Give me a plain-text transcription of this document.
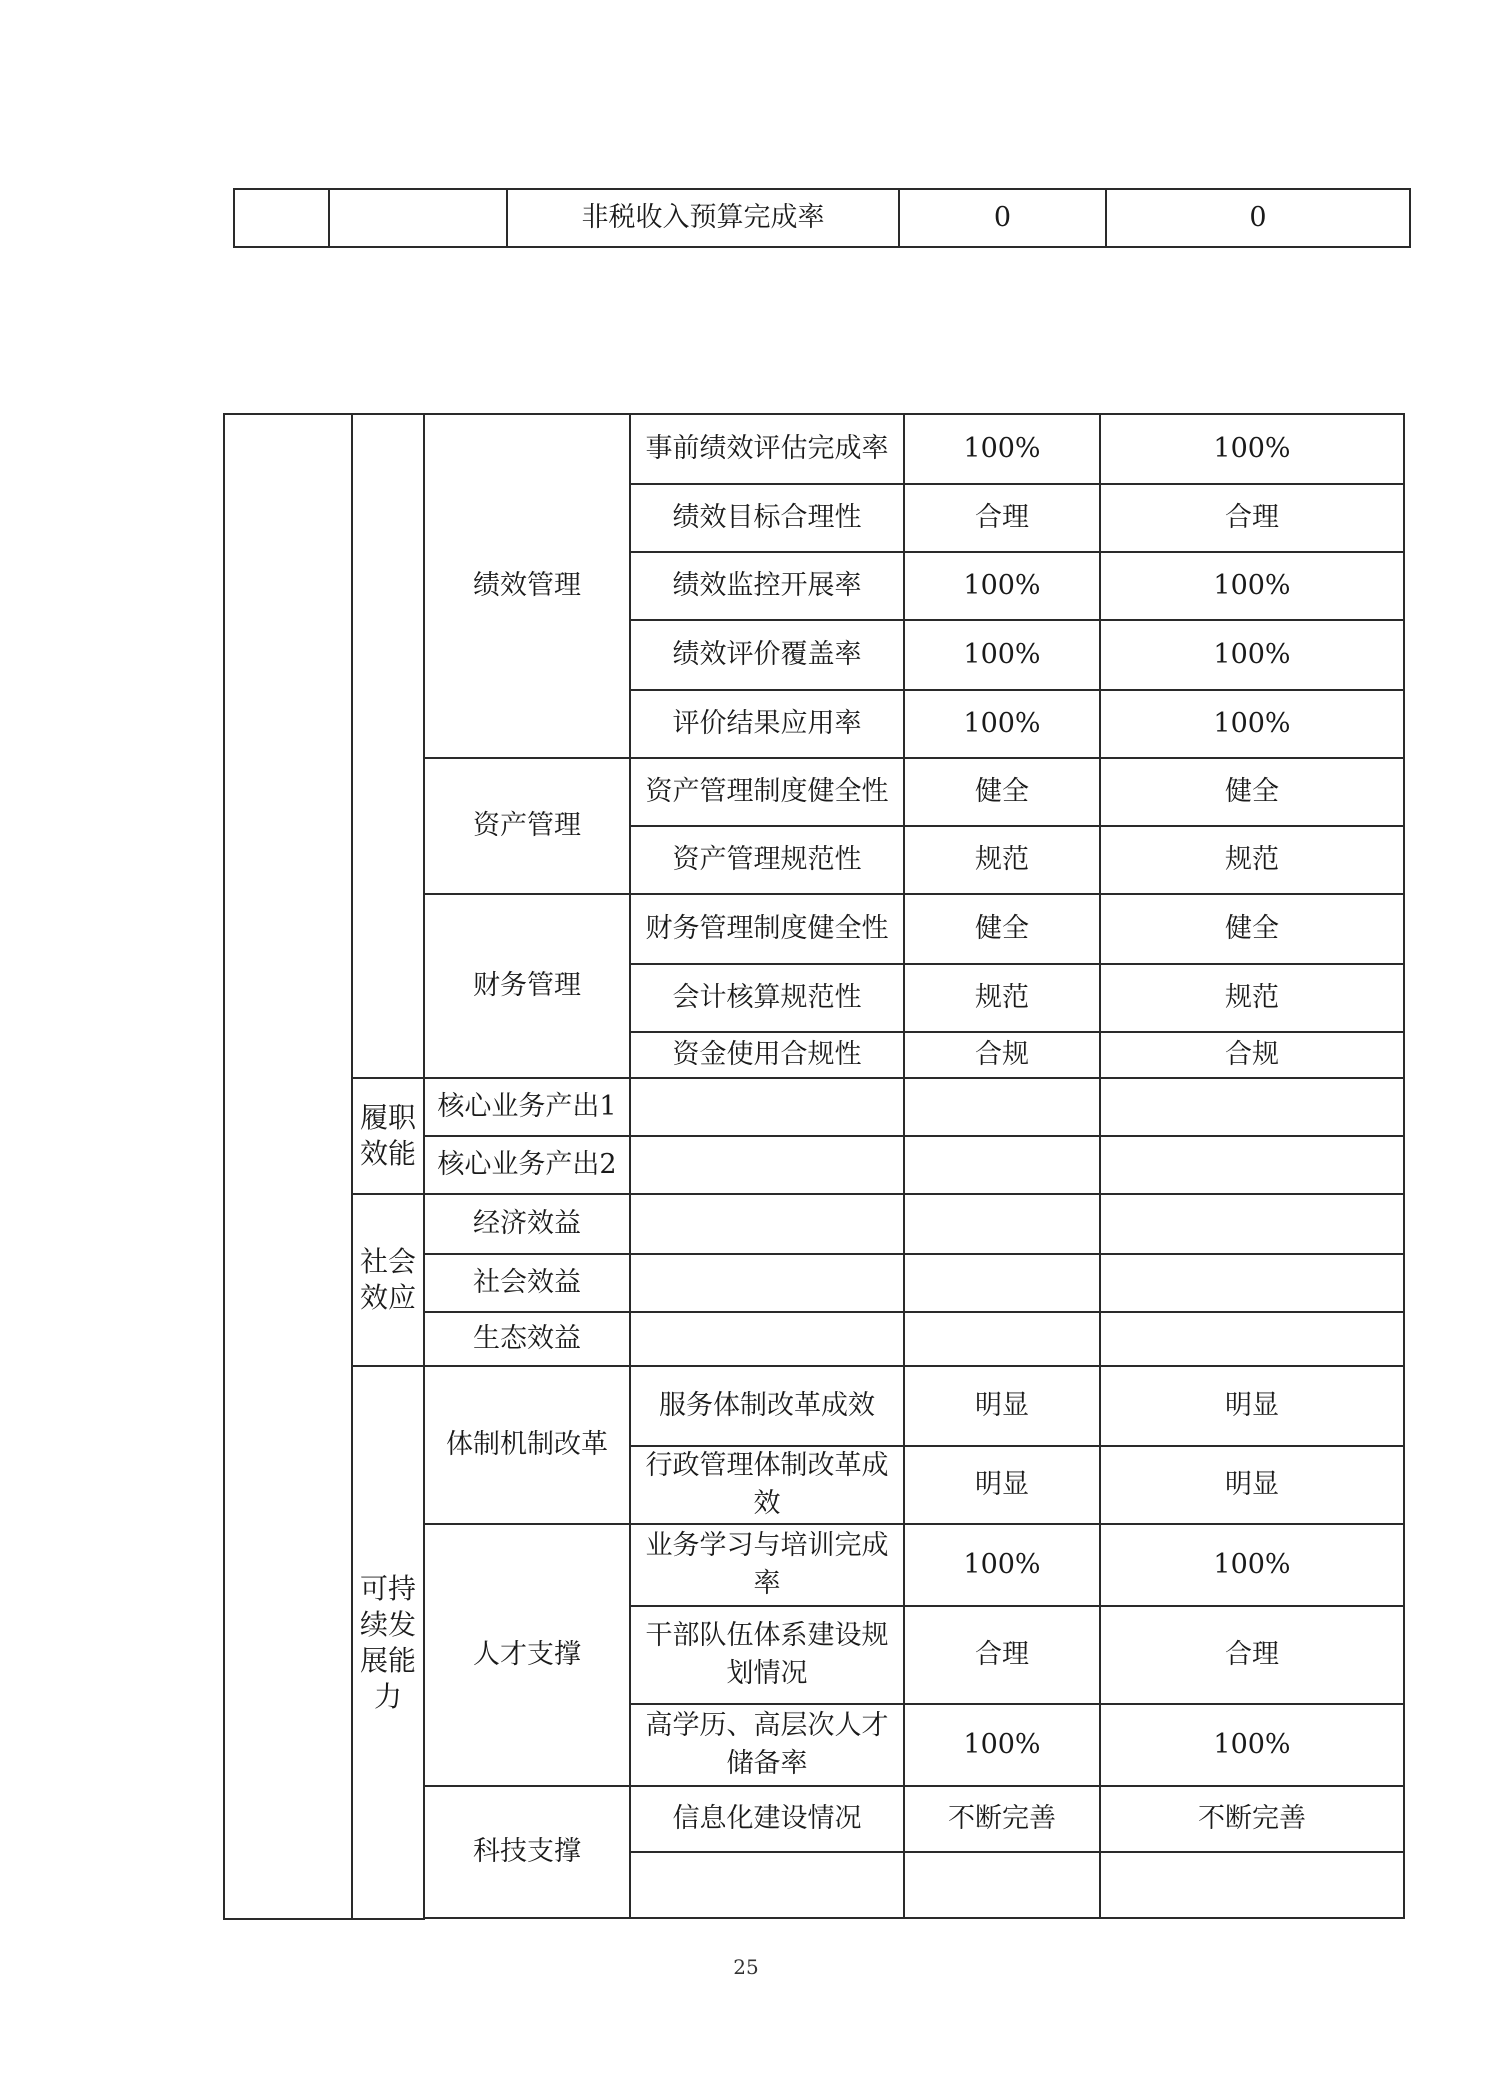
		非税收入预算完成率	0	0
		绩效管理	事前绩效评估完成率	100%	100%
			绩效目标合理性	合理	合理
			绩效监控开展率	100%	100%
			绩效评价覆盖率	100%	100%
			评价结果应用率	100%	100%
		资产管理	资产管理制度健全性	健全	健全
			资产管理规范性	规范	规范
		财务管理	财务管理制度健全性	健全	健全
			会计核算规范性	规范	规范
			资金使用合规性	合规	合规
	履职效能	核心业务产出1			
		核心业务产出2			
	社会效应	经济效益			
		社会效益			
		生态效益			
	可持续发展能力	体制机制改革	服务体制改革成效	明显	明显
			行政管理体制改革成效	明显	明显
		人才支撑	业务学习与培训完成率	100%	100%
			干部队伍体系建设规划情况	合理	合理
			高学历、高层次人才储备率	100%	100%
		科技支撑	信息化建设情况	不断完善	不断完善

25
